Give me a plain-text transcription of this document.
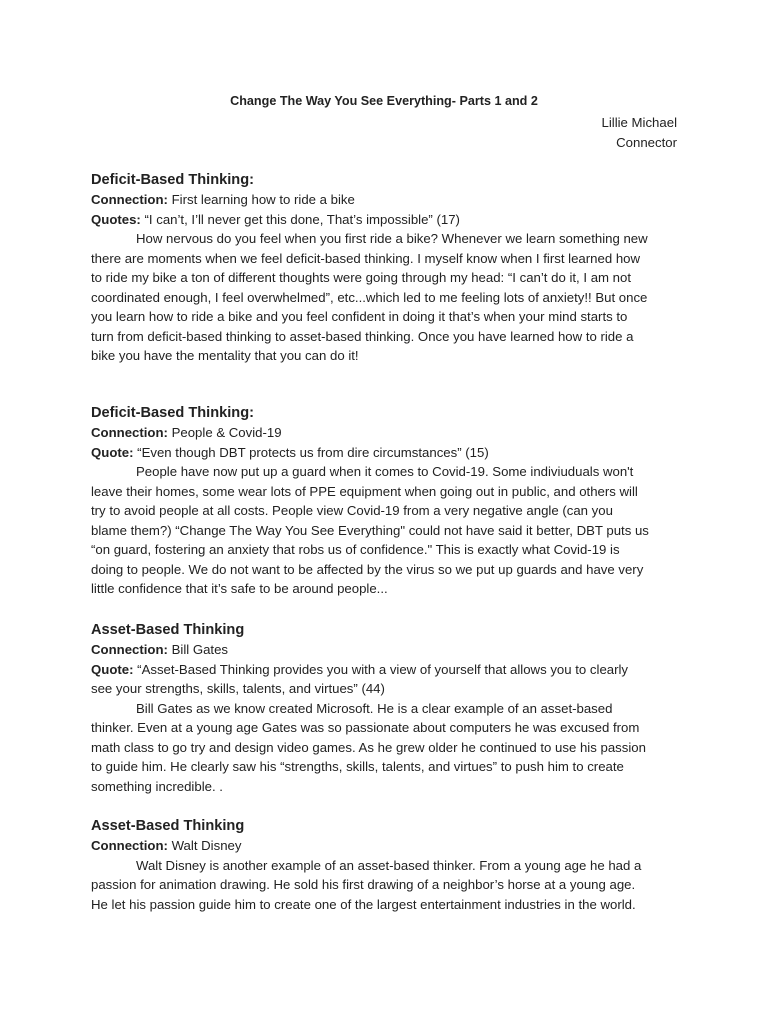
Change The Way You See Everything- Parts 1 and 2
Lillie Michael
Connector
Deficit-Based Thinking:
Connection: First learning how to ride a bike
Quotes: “I can’t, I’ll never get this done, That’s impossible” (17)
How nervous do you feel when you first ride a bike? Whenever we learn something new
there are moments when we feel deficit-based thinking. I myself know when I first learned how
to ride my bike a ton of different thoughts were going through my head: “I can’t do it, I am not
coordinated enough, I feel overwhelmed”, etc...which led to me feeling lots of anxiety!! But once
you learn how to ride a bike and you feel confident in doing it that’s when your mind starts to
turn from deficit-based thinking to asset-based thinking. Once you have learned how to ride a
bike you have the mentality that you can do it!
Deficit-Based Thinking:
Connection: People & Covid-19
Quote: “Even though DBT protects us from dire circumstances” (15)
People have now put up a guard when it comes to Covid-19. Some indiviuduals won't
leave their homes, some wear lots of PPE equipment when going out in public, and others will
try to avoid people at all costs. People view Covid-19 from a very negative angle (can you
blame them?) “Change The Way You See Everything" could not have said it better, DBT puts us
“on guard, fostering an anxiety that robs us of confidence." This is exactly what Covid-19 is
doing to people. We do not want to be affected by the virus so we put up guards and have very
little confidence that it’s safe to be around people...
Asset-Based Thinking
Connection: Bill Gates
Quote: “Asset-Based Thinking provides you with a view of yourself that allows you to clearly
see your strengths, skills, talents, and virtues” (44)
Bill Gates as we know created Microsoft. He is a clear example of an asset-based
thinker. Even at a young age Gates was so passionate about computers he was excused from
math class to go try and design video games. As he grew older he continued to use his passion
to guide him. He clearly saw his “strengths, skills, talents, and virtues” to push him to create
something incredible. .
Asset-Based Thinking
Connection: Walt Disney
Walt Disney is another example of an asset-based thinker. From a young age he had a
passion for animation drawing. He sold his first drawing of a neighbor’s horse at a young age.
He let his passion guide him to create one of the largest entertainment industries in the world.
